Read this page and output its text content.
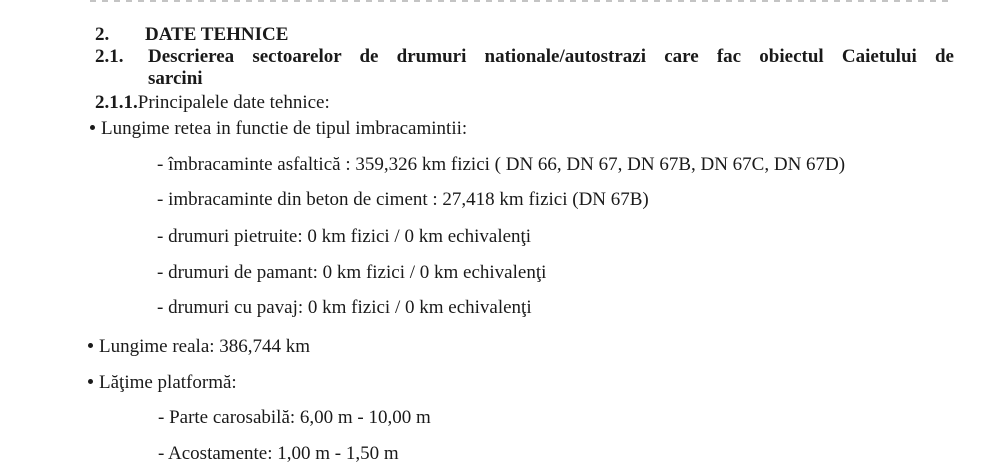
2. DATE TEHNICE
2.1. Descrierea sectoarelor de drumuri nationale/autostrazi care fac obiectul Caietului de
sarcini
2.1.1.Principalele date tehnice:
Lungime retea in functie de tipul imbracamintii:
- îmbracaminte asfaltică : 359,326 km fizici ( DN 66, DN 67, DN 67B, DN 67C, DN 67D)
- imbracaminte din beton de ciment : 27,418 km fizici (DN 67B)
- drumuri pietruite: 0 km fizici / 0 km echivalenţi
- drumuri de pamant: 0 km fizici / 0 km echivalenţi
- drumuri cu pavaj: 0 km fizici / 0 km echivalenţi
Lungime reala: 386,744 km
Lăţime platformă:
- Parte carosabilă: 6,00 m - 10,00 m
- Acostamente: 1,00 m - 1,50 m
